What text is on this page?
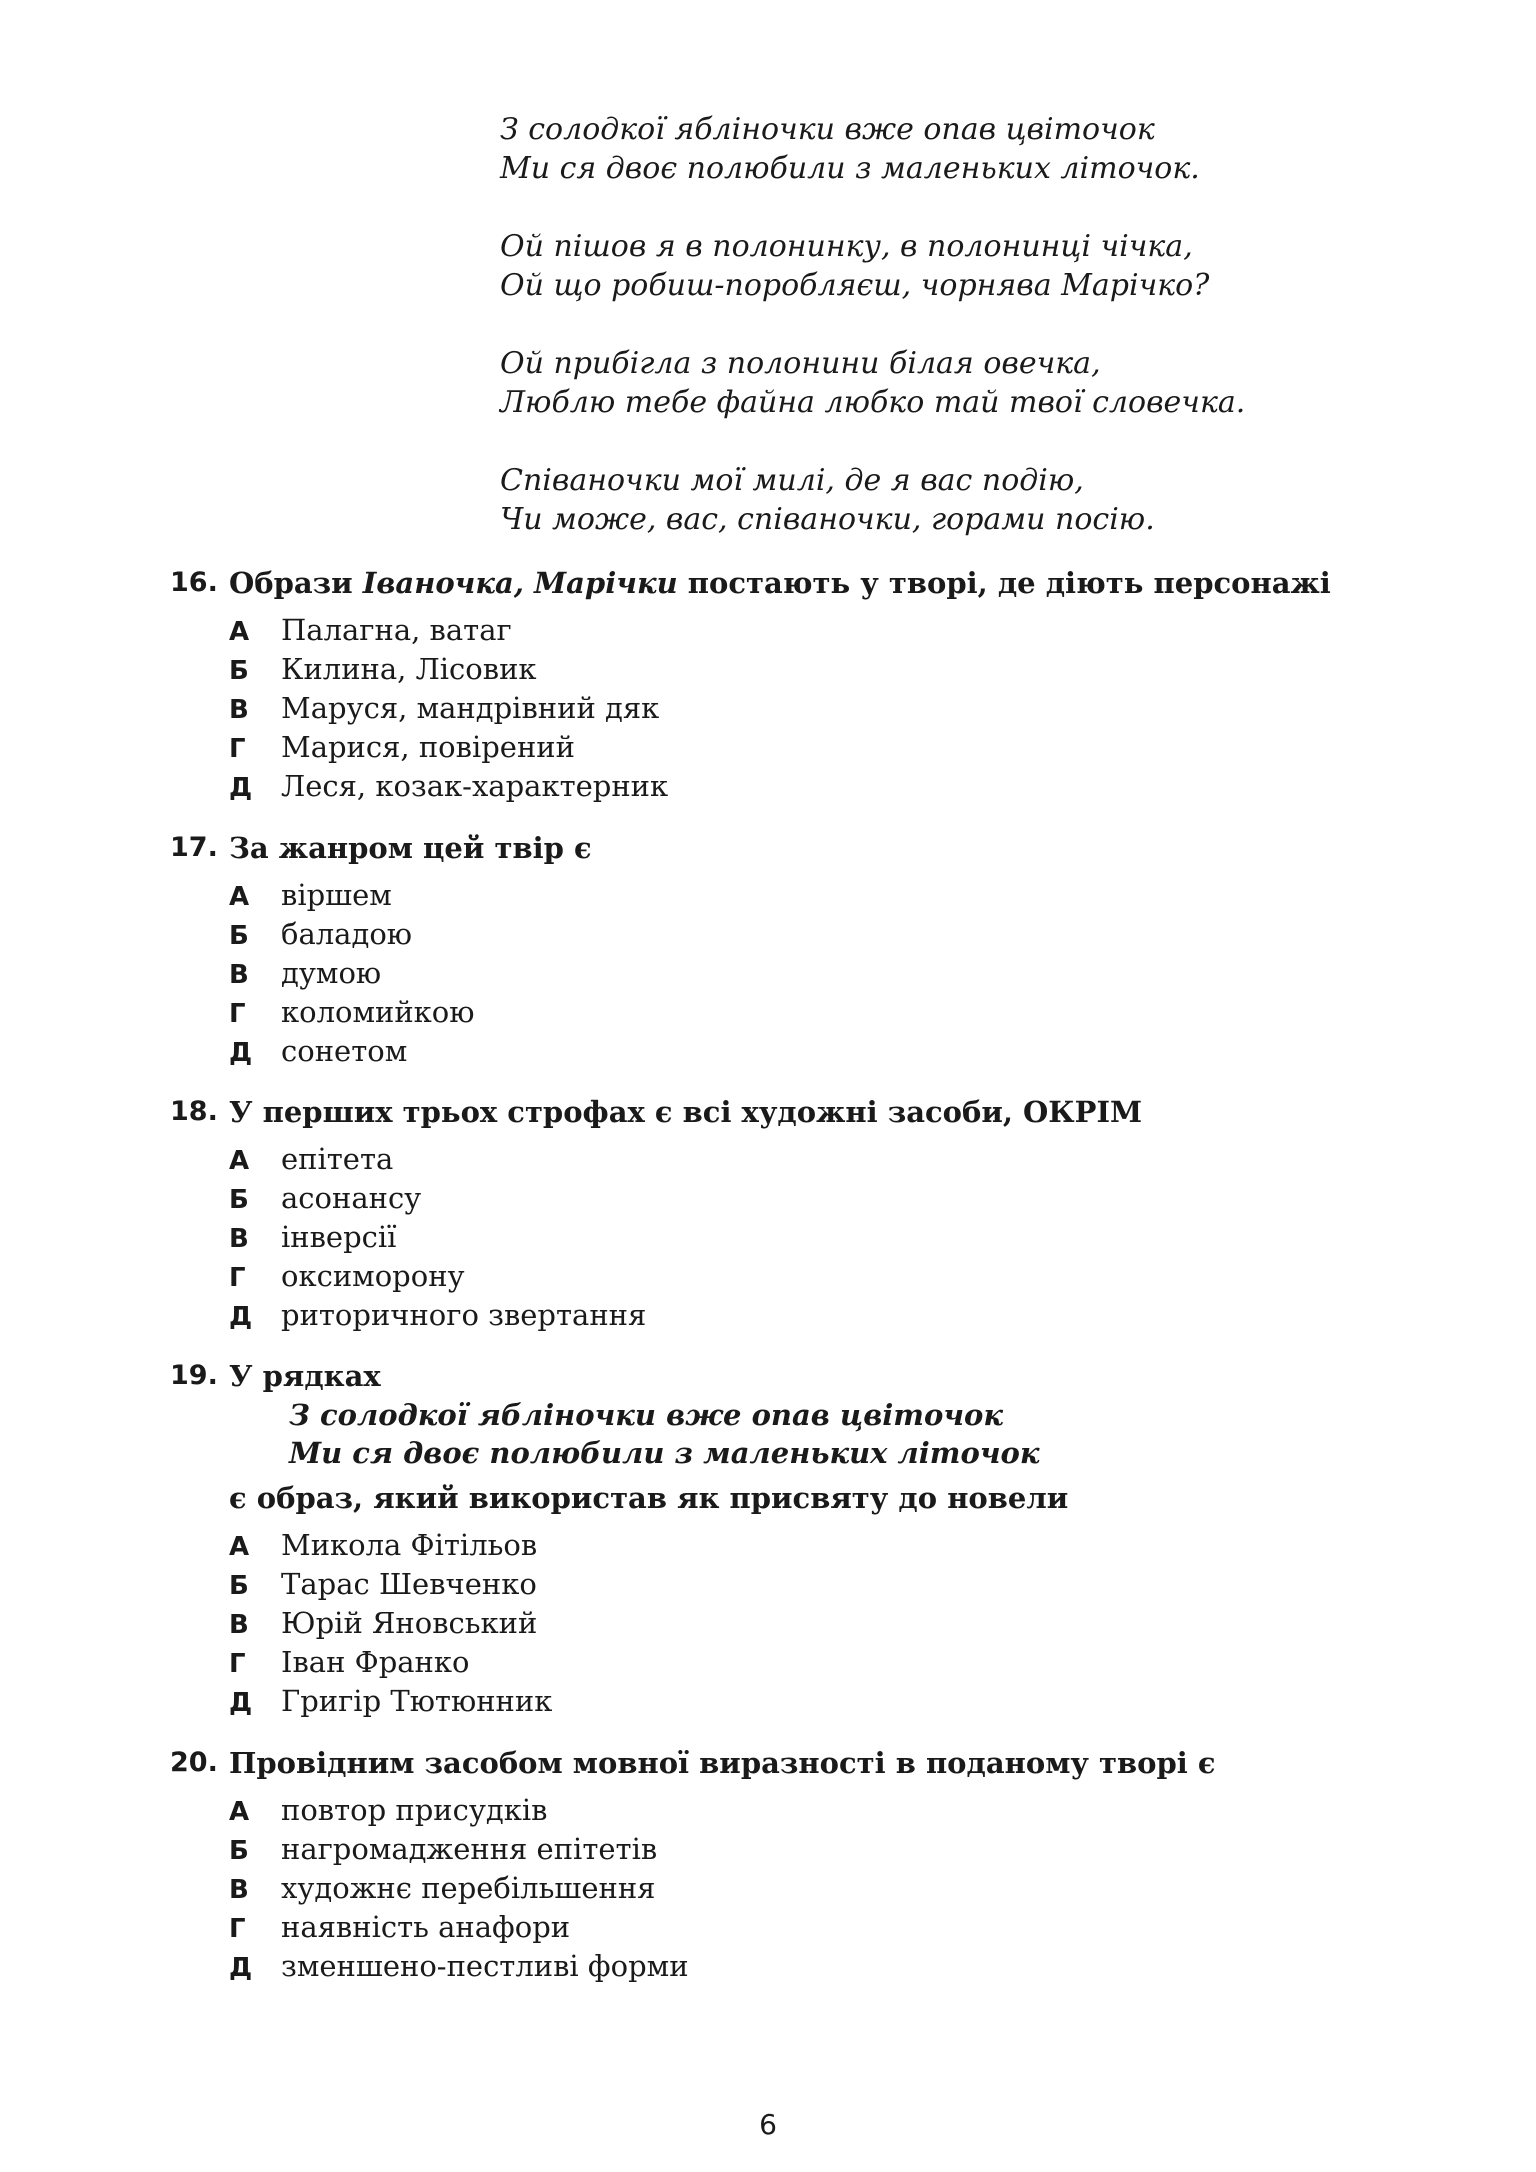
З солодкої яблiночки вже опав цвiточок
Ми ся двоє полюбили з маленьких лiточок.
Ой пiшов я в полонинку, в полонинцi чiчка,
Ой що робиш-поробляєш, чорнява Марiчко?
Ой прибiгла з полонини бiлая овечка,
Люблю тебе файна любко тай твої словечка.
Спiваночки мої милi, де я вас подiю,
Чи може, вас, спiваночки, горами посiю.
16. Образи Iваночка, Марiчки постають у творi, де дiють персонажi
А Палагна, ватаг
Б Килина, Лiсовик
В Маруся, мандрiвний дяк
Г Марися, повiрений
Д Леся, козак-характерник
17. За жанром цей твiр є
А вiршем
Б баладою
В думою
Г коломийкою
Д сонетом
18. У перших трьох строфах є всi художнi засоби, ОКРIМ
А епiтета
Б асонансу
В iнверсiї
Г оксиморону
Д риторичного звертання
19. У рядках
З солодкої яблiночки вже опав цвiточок
Ми ся двоє полюбили з маленьких лiточок
є образ, який використав як присвяту до новели
А Микола Фiтiльов
Б Тарас Шевченко
В Юрiй Яновський
Г Iван Франко
Д Григiр Тютюнник
20. Провiдним засобом мовної виразностi в поданому творi є
А повтор присудкiв
Б нагромадження епiтетiв
В художнє перебiльшення
Г наявнiсть анафори
Д зменшено-пестливi форми
6
